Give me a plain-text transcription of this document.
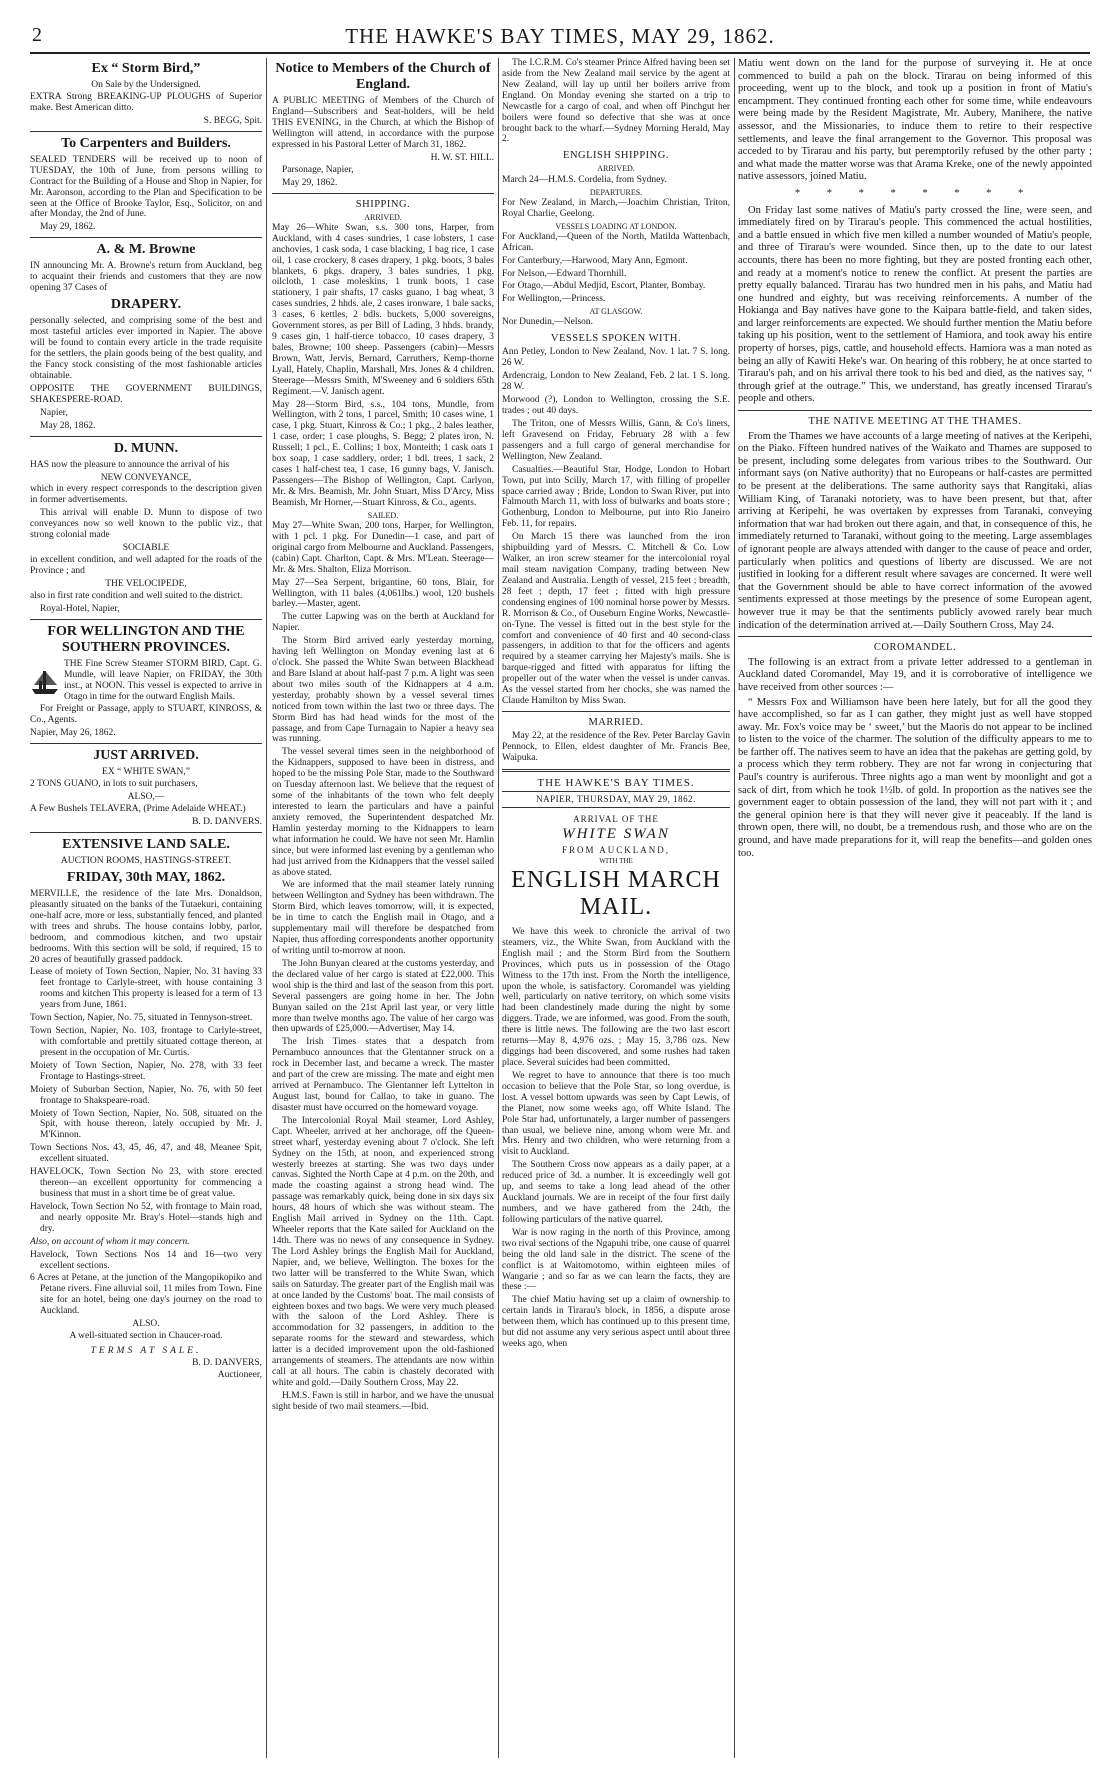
2	THE HAWKE'S BAY TIMES, MAY 29, 1862.
Ex “ Storm Bird,”
On Sale by the Undersigned.

EXTRA Strong BREAKING-UP PLOUGHS of Superior make. Best American ditto.

S. BEGG, Spit.
To Carpenters and Builders.

SEALED TENDERS will be received up to noon of TUESDAY, the 10th of June, from persons willing to Contract for the Building of a House and Shop in Napier, for Mr. Aaronson, according to the Plan and Specification to be seen at the Office of Brooke Taylor, Esq., Solicitor, on and after Monday, the 2nd of June.

May 29, 1862.

A. & M. Browne

IN announcing Mr. A. Browne's return from Auckland, beg to acquaint their friends and customers that they are now opening 37 Cases of

DRAPERY.

personally selected, and comprising some of the best and most tasteful articles ever imported in Napier. The above will be found to contain every article in the trade requisite for the settlers, the plain goods being of the best quality, and the Fancy stock consisting of the most fashionable articles obtainable.

OPPOSITE THE GOVERNMENT BUILDINGS, SHAKESPERE-ROAD.

Napier,

May 28, 1862.

D. MUNN.

HAS now the pleasure to announce the arrival of his

NEW CONVEYANCE,

which in every respect corresponds to the description given in former advertisements.

This arrival will enable D. Munn to dispose of two conveyances now so well known to the public viz., that strong colonial made

SOCIABLE

in excellent condition, and well adapted for the roads of the Province ; and

THE VELOCIPEDE,

also in first rate condition and well suited to the district.

Royal-Hotel, Napier,

FOR WELLINGTON AND THE SOUTHERN PROVINCES.

THE Fine Screw Steamer STORM BIRD, Capt. G. Mundle, will leave Napier, on FRIDAY, the 30th inst., at NOON. This vessel is expected to arrive in Otago in time for the outward English Mails.

For Freight or Passage, apply to STUART, KINROSS, & Co., Agents.

Napier, May 26, 1862.

JUST ARRIVED.
EX “ WHITE SWAN,”

2 TONS GUANO, in lots to suit purchasers,

ALSO,—

A Few Bushels TELAVERA, (Prime Adelaide WHEAT.)

B. D. DANVERS.
EXTENSIVE LAND SALE.
AUCTION ROOMS, HASTINGS-STREET.
FRIDAY, 30th MAY, 1862.

MERVILLE, the residence of the late Mrs. Donaldson, pleasantly situated on the banks of the Tutaekuri, containing one-half acre, more or less, substantially fenced, and planted with trees and shrubs. The house contains lobby, parlor, bedroom, and commodious kitchen, and two upstair bedrooms. With this section will be sold, if required, 15 to 20 acres of beautifully grassed paddock.

Lease of moiety of Town Section, Napier, No. 31 having 33 feet frontage to Carlyle-street, with house containing 3 rooms and kitchen This property is leased for a term of 13 years from June, 1861.

Town Section, Napier, No. 75, situated in Tennyson-street.

Town Section, Napier, No. 103, frontage to Carlyle-street, with comfortable and prettily situated cottage thereon, at present in the occupation of Mr. Curtis.

Moiety of Town Section, Napier, No. 278, with 33 feet Frontage to Hastings-street.

Moiety of Suburban Section, Napier, No. 76, with 50 feet frontage to Shakspeare-road.

Moiety of Town Section, Napier, No. 508, situated on the Spit, with house thereon, lately occupied by Mr. J. M'Kinnon.

Town Sections Nos. 43, 45, 46, 47, and 48, Meanee Spit, excellent situated.

HAVELOCK, Town Section No 23, with store erected thereon—an excellent opportunity for commencing a business that must in a short time be of great value.

Havelock, Town Section No 52, with frontage to Main road, and nearly opposite Mr. Bray's Hotel—stands high and dry.

Also, on account of whom it may concern.

Havelock, Town Sections Nos 14 and 16—two very excellent sections.

6 Acres at Petane, at the junction of the Mangopikopiko and Petane rivers. Fine alluvial soil, 11 miles from Town. Fine site for an hotel, being one day's journey on the road to Auckland.

ALSO.
A well-situated section in Chaucer-road.
TERMS AT SALE.
B. D. DANVERS,
Auctioneer,
Notice to Members of the Church of England.

A PUBLIC MEETING of Members of the Church of England—Subscribers and Seat-holders, will be held THIS EVENING, in the Church, at which the Bishop of Wellington will attend, in accordance with the purpose expressed in his Pastoral Letter of March 31, 1862.

H. W. ST. HILL.

Parsonage, Napier,

May 29, 1862.

SHIPPING.
ARRIVED.

May 26—White Swan, s.s. 300 tons, Harper, from Auckland, with 4 cases sundries, 1 case lobsters, 1 case anchovies, 1 cask soda, 1 case blacking, 1 bag rice, 1 case oil, 1 case crockery, 8 cases drapery, 1 pkg. boots, 3 bales blankets, 6 pkgs. drapery, 3 bales sundries, 1 pkg. oilcloth, 1 case moleskins, 1 trunk boots, 1 case stationery, 1 pair shafts, 17 casks guano, 1 bag wheat, 3 cases sundries, 2 hhds. ale, 2 cases ironware, 1 bale sacks, 3 cases, 6 kettles, 2 bdls. buckets, 5,000 sovereigns, Government stores, as per Bill of Lading, 3 hhds. brandy, 9 cases gin, 1 half-tierce tobacco, 10 cases drapery, 3 bales, Browne; 100 sheep. Passengers (cabin)—Messrs Brown, Watt, Jervis, Bernard, Carruthers, Kemp-thorne Lyall, Hately, Chaplin, Marshall, Mrs. Jones & 4 children. Steerage—Messrs Smith, M'Sweeney and 6 soldiers 65th Regiment.—V. Janisch agent.

May 28—Storm Bird, s.s., 104 tons, Mundle, from Wellington, with 2 tons, 1 parcel, Smith; 10 cases wine, 1 case, 1 pkg. Stuart, Kinross & Co.; 1 pkg., 2 bales leather, 1 case, order; 1 case ploughs, S. Begg; 2 plates iron, N. Russell; 1 pcl., E. Collins; 1 box, Monteith; 1 cask oats 1 box soap, 1 case saddlery, order; 1 bdl. trees, 1 sack, 2 cases 1 half-chest tea, 1 case, 16 gunny bags, V. Janisch. Passengers—The Bishop of Wellington, Capt. Carlyon, Mr. & Mrs. Beamish, Mr. John Stuart, Miss D'Arcy, Miss Beamish, Mr Horner,—Stuart Kinross, & Co., agents.

SAILED.

May 27—White Swan, 200 tons, Harper, for Wellington, with 1 pcl. 1 pkg. For Dunedin—1 case, and part of original cargo from Melbourne and Auckland. Passengers, (cabin) Capt. Charlton, Capt. & Mrs. M'Lean. Steerage—Mr. & Mrs. Shalton, Eliza Morrison.

May 27—Sea Serpent, brigantine, 60 tons, Blair, for Wellington, with 11 bales (4,061lbs.) wool, 120 bushels barley.—Master, agent.

The cutter Lapwing was on the berth at Auckland for Napier.

The Storm Bird arrived early yesterday morning, having left Wellington on Monday evening last at 6 o'clock. She passed the White Swan between Blackhead and Bare Island at about half-past 7 p.m. A light was seen about two miles south of the Kidnappers at 4 a.m. yesterday, probably shown by a vessel several times noticed from town within the last two or three days. The Storm Bird has had head winds for the most of the passage, and from Cape Turnagain to Napier a heavy sea was running.

The vessel several times seen in the neighborhood of the Kidnappers, supposed to have been in distress, and hoped to be the missing Pole Star, made to the Southward on Tuesday afternoon last. We believe that the request of some of the inhabitants of the town who felt deeply interested to learn the particulars and have a painful anxiety removed, the Superintendent despatched Mr. Hamlin yesterday morning to the Kidnappers to learn what information he could. We have not seen Mr. Hamlin since, but were informed last evening by a gentleman who had just arrived from the Kidnappers that the vessel sailed as above stated.

We are informed that the mail steamer lately running between Wellington and Sydney has been withdrawn. The Storm Bird, which leaves tomorrow, will, it is expected, be in time to catch the English mail in Otago, and a supplementary mail will therefore be despatched from Napier, thus affording correspondents another opportunity of writing until to-morrow at noon.

The John Bunyan cleared at the customs yesterday, and the declared value of her cargo is stated at £22,000. This wool ship is the third and last of the season from this port. Several passengers are going home in her. The John Bunyan sailed on the 21st April last year, or very little more than twelve months ago. The value of her cargo was then upwards of £25,000.—Advertiser, May 14.

The Irish Times states that a despatch from Pernambuco announces that the Glentanner struck on a rock in December last, and became a wreck. The master and part of the crew are missing. The mate and eight men arrived at Pernambuco. The Glentanner left Lyttelton in August last, bound for Callao, to take in guano. The disaster must have occurred on the homeward voyage.

The Intercolonial Royal Mail steamer, Lord Ashley, Capt. Wheeler, arrived at her anchorage, off the Queen-street wharf, yesterday evening about 7 o'clock. She left Sydney on the 15th, at noon, and experienced strong westerly breezes at starting. She was two days under canvas. Sighted the North Cape at 4 p.m. on the 20th, and made the coasting against a strong head wind. The passage was remarkably quick, being done in six days six hours, 48 hours of which she was without steam. The English Mail arrived in Sydney on the 11th. Capt. Wheeler reports that the Kate sailed for Auckland on the 14th. There was no news of any consequence in Sydney. The Lord Ashley brings the English Mail for Auckland, Napier, and, we believe, Wellington. The boxes for the two latter will be transferred to the White Swan, which sails on Saturday. The greater part of the English mail was at once landed by the Customs' boat. The mail consists of eighteen boxes and two bags. We were very much pleased with the saloon of the Lord Ashley. There is accommodation for 32 passengers, in addition to the separate rooms for the steward and stewardess, which latter is a decided improvement upon the old-fashioned arrangements of steamers. The attendants are now within call at all hours. The cabin is chastely decorated with white and gold.—Daily Southern Cross, May 22.

H.M.S. Fawn is still in harbor, and we have the unusual sight beside of two mail steamers.—Ibid.

The I.C.R.M. Co's steamer Prince Alfred having been set aside from the New Zealand mail service by the agent at New Zealand, will lay up until her boilers arrive from England. On Monday evening she started on a trip to Newcastle for a cargo of coal, and when off Pinchgut her boilers were found so defective that she was at once brought back to the wharf.—Sydney Morning Herald, May 2.

ENGLISH SHIPPING.
ARRIVED.

March 24—H.M.S. Cordelia, from Sydney.

DEPARTURES.

For New Zealand, in March,—Joachim Christian, Triton, Royal Charlie, Geelong.

VESSELS LOADING AT LONDON.

For Auckland,—Queen of the North, Matilda Wattenbach, African.

For Canterbury,—Harwood, Mary Ann, Egmont.

For Nelson,—Edward Thornhill.

For Otago,—Abdul Medjid, Escort, Planter, Bombay.

For Wellington,—Princess.

AT GLASGOW.

Nor Dunedin,—Nelson.

VESSELS SPOKEN WITH.

Ann Petley, London to New Zealand, Nov. 1 lat. 7 S. long. 26 W.

Ardencraig, London to New Zealand, Feb. 2 lat. 1 S. long. 28 W.

Morwood (?), London to Wellington, crossing the S.E. trades ; out 40 days.

The Triton, one of Messrs Willis, Gann, & Co's liners, left Gravesend on Friday, February 28 with a few passengers and a full cargo of general merchandise for Wellington, New Zealand.

Casualties.—Beautiful Star, Hodge, London to Hobart Town, put into Scilly, March 17, with filling of propeller space carried away ; Bride, London to Swan River, put into Falmouth March 11, with loss of bulwarks and boats store ; Gothenburg, London to Melbourne, put into Rio Janeiro Feb. 11, for repairs.

On March 15 there was launched from the iron shipbuilding yard of Messrs. C. Mitchell & Co. Low Walker, an iron screw steamer for the intercolonial royal mail steam navigation Company, trading between New Zealand and Australia. Length of vessel, 215 feet ; breadth, 28 feet ; depth, 17 feet ; fitted with high pressure condensing engines of 100 nominal horse power by Messrs. R. Morrison & Co., of Ouseburn Engine Works, Newcastle-on-Tyne. The vessel is fitted out in the best style for the comfort and convenience of 40 first and 40 second-class passengers, in addition to that for the officers and agents required by a steamer carrying her Majesty's mails. She is barque-rigged and fitted with apparatus for lifting the propeller out of the water when the vessel is under canvas. As the vessel started from her chocks, she was named the Claude Hamilton by Miss Swan.

MARRIED.

May 22, at the residence of the Rev. Peter Barclay Gavin Pennock, to Ellen, eldest daughter of Mr. Francis Bee, Waipuka.

THE HAWKE'S BAY TIMES.
NAPIER, THURSDAY, MAY 29, 1862.
ARRIVAL OF THE
WHITE SWAN
FROM AUCKLAND,
WITH THE
ENGLISH MARCH MAIL.

We have this week to chronicle the arrival of two steamers, viz., the White Swan, from Auckland with the English mail ; and the Storm Bird from the Southern Provinces, which puts us in possession of the Otago Witness to the 17th inst. From the North the intelligence, upon the whole, is satisfactory. Coromandel was yielding well, particularly on native territory, on which some visits had been clandestinely made during the night by some diggers. Trade, we are informed, was good. From the south, there is little news. The following are the two last escort returns—May 8, 4,976 ozs. ; May 15, 3,786 ozs. New diggings had been discovered, and some rushes had taken place. Several suicides had been committed.

We regret to have to announce that there is too much occasion to believe that the Pole Star, so long overdue, is lost. A vessel bottom upwards was seen by Capt Lewis, of the Planet, now some weeks ago, off White Island. The Pole Star had, unfortunately, a larger number of passengers than usual, we believe nine, among whom were Mr. and Mrs. Henry and two children, who were returning from a visit to Auckland.

The Southern Cross now appears as a daily paper, at a reduced price of 3d. a number. It is exceedingly well got up, and seems to take a long lead ahead of the other Auckland journals. We are in receipt of the four first daily numbers, and we have gathered from the 24th, the following particulars of the native quarrel.

War is now raging in the north of this Province, among two rival sections of the Ngapuhi tribe, one cause of quarrel being the old land sale in the district. The scene of the conflict is at Waitomotomo, within eighteen miles of Wangarie ; and so far as we can learn the facts, they are these :—

The chief Matiu having set up a claim of ownership to certain lands in Tirarau's block, in 1856, a dispute arose between them, which has continued up to this present time, but did not assume any very serious aspect until about three weeks ago, when

Matiu went down on the land for the purpose of surveying it. He at once commenced to build a pah on the block. Tirarau on being informed of this proceeding, went up to the block, and took up a position in front of Matiu's encampment. They continued fronting each other for some time, while endeavours were being made by the Resident Magistrate, Mr. Aubery, Manihere, the native assessor, and the Missionaries, to induce them to retire to their respective settlements, and leave the final arrangement to the Governor. This proposal was acceded to by Tirarau and his party, but peremptorily refused by the other party ; and what made the matter worse was that Arama Kreke, one of the newly appointed native assessors, joined Matiu.

* * * * * * * *

On Friday last some natives of Matiu's party crossed the line, were seen, and immediately fired on by Tirarau's people. This commenced the actual hostilities, and a battle ensued in which five men killed a number wounded of Matiu's people, and three of Tirarau's were wounded. Since then, up to the date to our latest accounts, there has been no more fighting, but they are posted fronting each other, and ready at a moment's notice to renew the conflict. At present the parties are pretty equally balanced. Tirarau has two hundred men in his pahs, and Matiu had one hundred and eighty, but was receiving reinforcements. A number of the Hokianga and Bay natives have gone to the Kaipara battle-field, and taken sides, and larger reinforcements are expected. We should further mention the Matiu before taking up his position, went to the settlement of Hamiora, and took away his entire property of horses, pigs, cattle, and household effects. Hamiora was a man noted as being an ally of Kawiti Heke's war. On hearing of this robbery, he at once started to Tirarau's pah, and on his arrival there took to his bed and died, as the natives say, “ through grief at the outrage.” This, we understand, has greatly incensed Tirarau's people and others.

THE NATIVE MEETING AT THE THAMES.

From the Thames we have accounts of a large meeting of natives at the Keripehi, on the Piako. Fifteen hundred natives of the Waikato and Thames are supposed to be present, including some delegates from various tribes to the Southward. Our informant says (on Native authority) that no Europeans or half-castes are permitted to be present at the deliberations. The same authority says that Rangitaki, alias William King, of Taranaki notoriety, was to have been present, but that, after arriving at Keripehi, he was overtaken by expresses from Taranaki, conveying information that war had broken out there again, and that, in consequence of this, he immediately returned to Taranaki, without going to the meeting. Large assemblages of ignorant people are always attended with danger to the cause of peace and order, particularly when politics and questions of liberty are discussed. We are not justified in looking for a different result where savages are concerned. It were well that the Government should be able to have correct information of the avowed sentiments expressed at those meetings by the presence of some European agent, however true it may be that the sentiments publicly avowed rarely bear much indication of the determination arrived at.—Daily Southern Cross, May 24.

COROMANDEL.

The following is an extract from a private letter addressed to a gentleman in Auckland dated Coromandel, May 19, and it is corroborative of intelligence we have received from other sources :—

“ Messrs Fox and Williamson have been here lately, but for all the good they have accomplished, so far as I can gather, they might just as well have stopped away. Mr. Fox's voice may be ‘ sweet,’ but the Maoris do not appear to be inclined to listen to the voice of the charmer. The solution of the difficulty appears to me to be farther off. The natives seem to have an idea that the pakehas are getting gold, by a process which they term robbery. They are not far wrong in conjecturing that Paul's country is auriferous. Three nights ago a man went by moonlight and got a sack of dirt, from which he took 1½lb. of gold. In proportion as the natives see the government eager to obtain possession of the land, they will not part with it ; and the general opinion here is that they will never give it peaceably. If the land is thrown open, there will, no doubt, be a tremendous rush, and those who are on the ground, and have made preparations for it, will reap the benefits—and golden ones too.
